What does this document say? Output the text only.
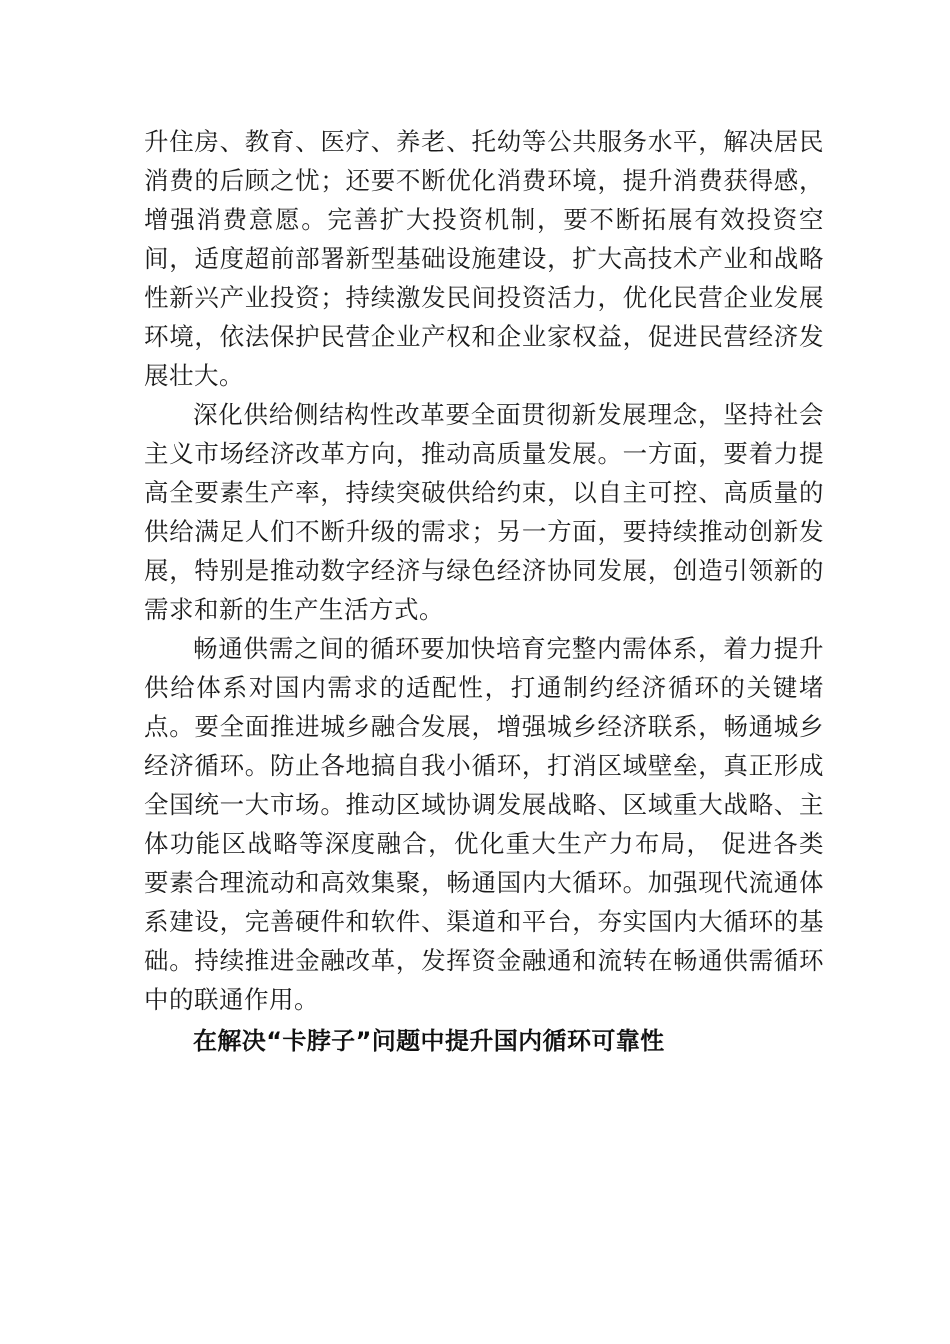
升住房、教育、医疗、养老、托幼等公共服务水平，解决居民消费的后顾之忧；还要不断优化消费环境，提升消费获得感，增强消费意愿。完善扩大投资机制，要不断拓展有效投资空间，适度超前部署新型基础设施建设，扩大高技术产业和战略性新兴产业投资；持续激发民间投资活力，优化民营企业发展环境，依法保护民营企业产权和企业家权益，促进民营经济发展壮大。

深化供给侧结构性改革要全面贯彻新发展理念，坚持社会主义市场经济改革方向，推动高质量发展。一方面，要着力提高全要素生产率，持续突破供给约束，以自主可控、高质量的供给满足人们不断升级的需求；另一方面，要持续推动创新发展，特别是推动数字经济与绿色经济协同发展，创造引领新的需求和新的生产生活方式。

畅通供需之间的循环要加快培育完整内需体系，着力提升供给体系对国内需求的适配性，打通制约经济循环的关键堵点。要全面推进城乡融合发展，增强城乡经济联系，畅通城乡经济循环。防止各地搞自我小循环，打消区域壁垒，真正形成全国统一大市场。推动区域协调发展战略、区域重大战略、主体功能区战略等深度融合，优化重大生产力布局， 促进各类要素合理流动和高效集聚，畅通国内大循环。加强现代流通体系建设，完善硬件和软件、渠道和平台，夯实国内大循环的基础。持续推进金融改革，发挥资金融通和流转在畅通供需循环中的联通作用。

在解决“卡脖子”问题中提升国内循环可靠性
